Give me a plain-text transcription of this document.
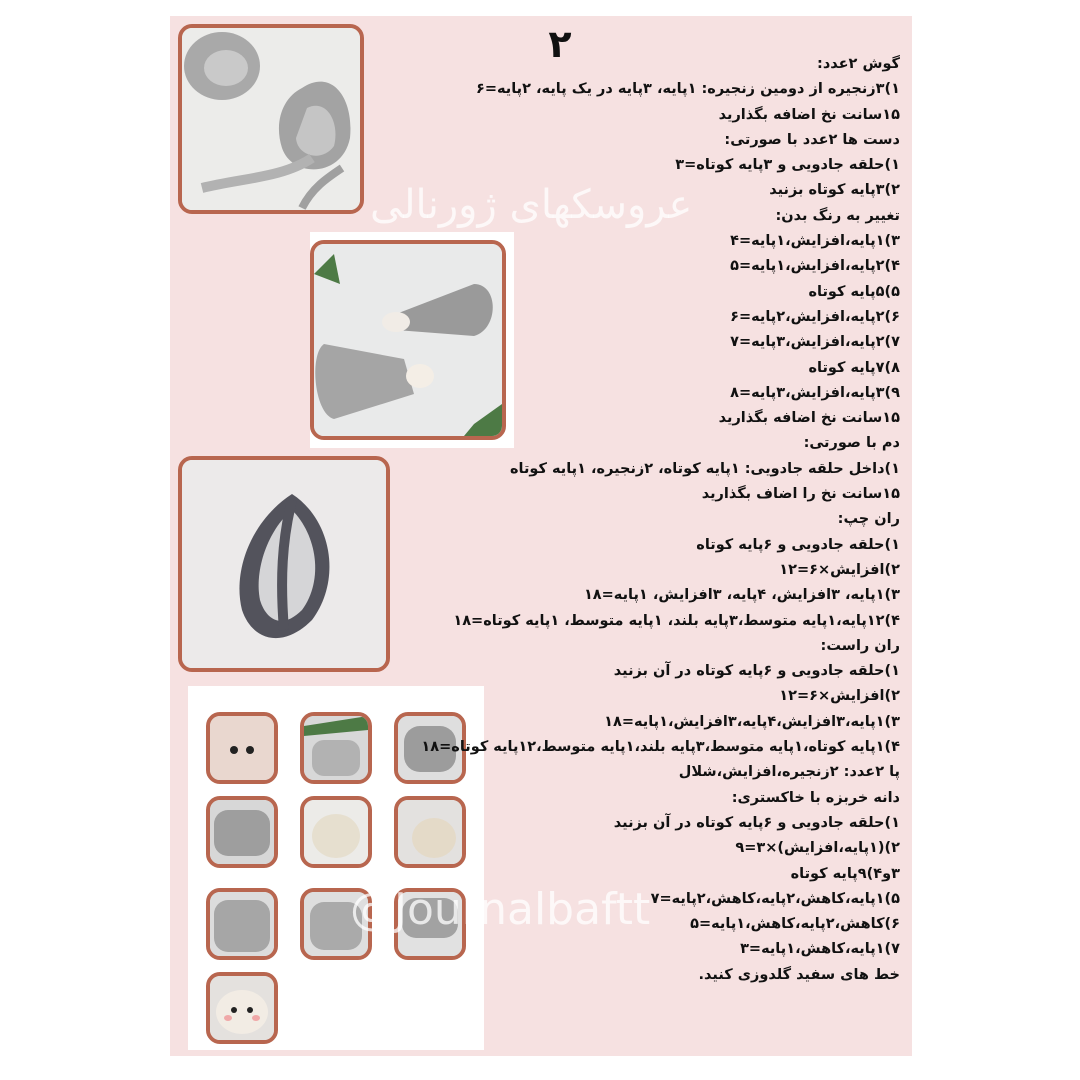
۲	گوش ۲عدد:
۱)۳زنجیره از دومین زنجیره: ۱پایه، ۳پایه در یک پایه، ۲پایه=۶
۱۵سانت نخ اضافه بگذارید
دست ها ۲عدد با صورتی:
۱)حلقه جادویی و ۳پایه کوتاه=۳
۲)۳پایه کوتاه بزنید
تغییر به رنگ بدن:
۳)۱پایه،افزایش،۱پایه=۴
۴)۲پایه،افزایش،۱پایه=۵
۵)۵پایه کوتاه
۶)۲پایه،افزایش،۲پایه=۶
۷)۲پایه،افزایش،۳پایه=۷
۸)۷پایه کوتاه
۹)۳پایه،افزایش،۳پایه=۸
۱۵سانت نخ اضافه بگذارید
دم با صورتی:
۱)داخل حلقه جادویی: ۱پایه کوتاه، ۲زنجیره، ۱پایه کوتاه
۱۵سانت نخ را اضاف بگذارید
ران چپ:
۱)حلقه جادویی و ۶پایه کوتاه
۲)افزایش×۶=۱۲
۳)۱پایه، ۳افزایش، ۴پایه، ۳افزایش، ۱پایه=۱۸
۴)۱۲پایه،۱پایه متوسط،۳پایه بلند، ۱پایه متوسط، ۱پایه کوتاه=۱۸
ران راست:
۱)حلقه جادویی و ۶پایه کوتاه در آن بزنید
۲)افزایش×۶=۱۲
۳)۱پایه،۳افزایش،۴پایه،۳افزایش،۱پایه=۱۸
۴)۱پایه کوتاه،۱پایه متوسط،۳پایه بلند،۱پایه متوسط،۱۲پایه کوتاه=۱۸
پا ۲عدد: ۲زنجیره،افزایش،شلال
دانه خربزه با خاکستری:
۱)حلقه جادویی و ۶پایه کوتاه در آن بزنید
۲)(۱پایه،افزایش)×۳=۹
۳و۴)۹پایه کوتاه
۵)۱پایه،کاهش،۲پایه،کاهش،۲پایه=۷
۶)کاهش،۲پایه،کاهش،۱پایه=۵
۷)۱پایه،کاهش،۱پایه=۳
خط های سفید گلدوزی کنید.
عروسکهای ژورنالی
@Journalbaftt
